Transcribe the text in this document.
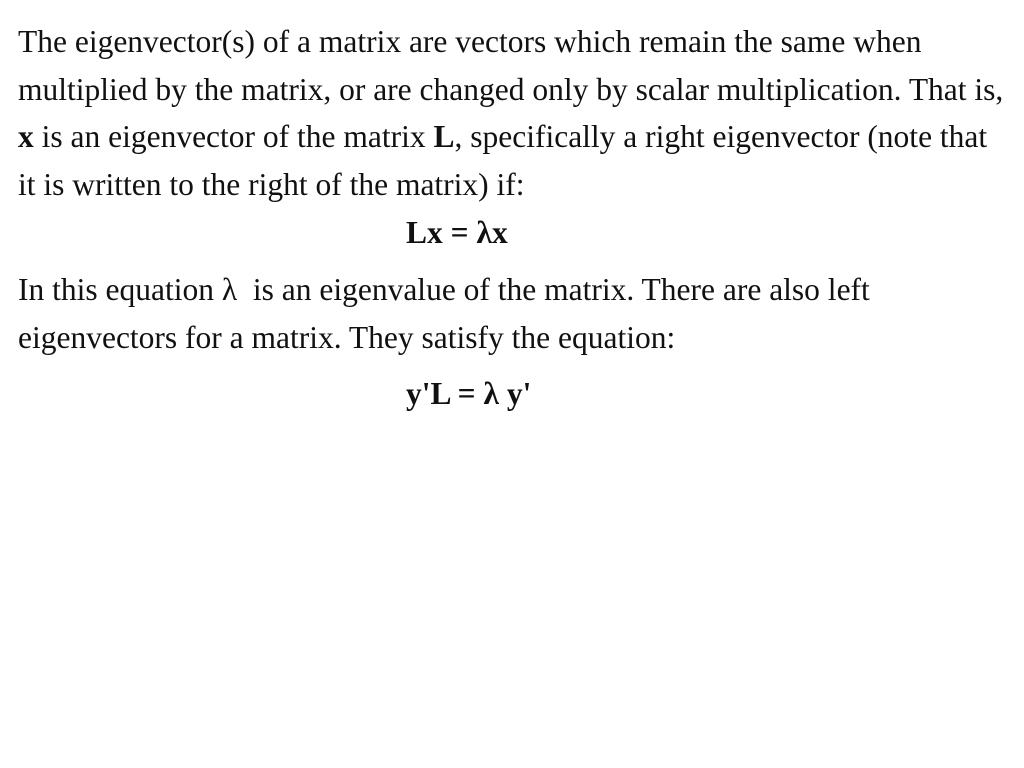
The eigenvector(s) of a matrix are vectors which remain the same when multiplied by the matrix, or are changed only by scalar multiplication. That is, x is an eigenvector of the matrix L, specifically a right eigenvector (note that it is written to the right of the matrix) if:

Lx = λx

In this equation λ  is an eigenvalue of the matrix. There are also left eigenvectors for a matrix. They satisfy the equation:

y'L = λ y'
